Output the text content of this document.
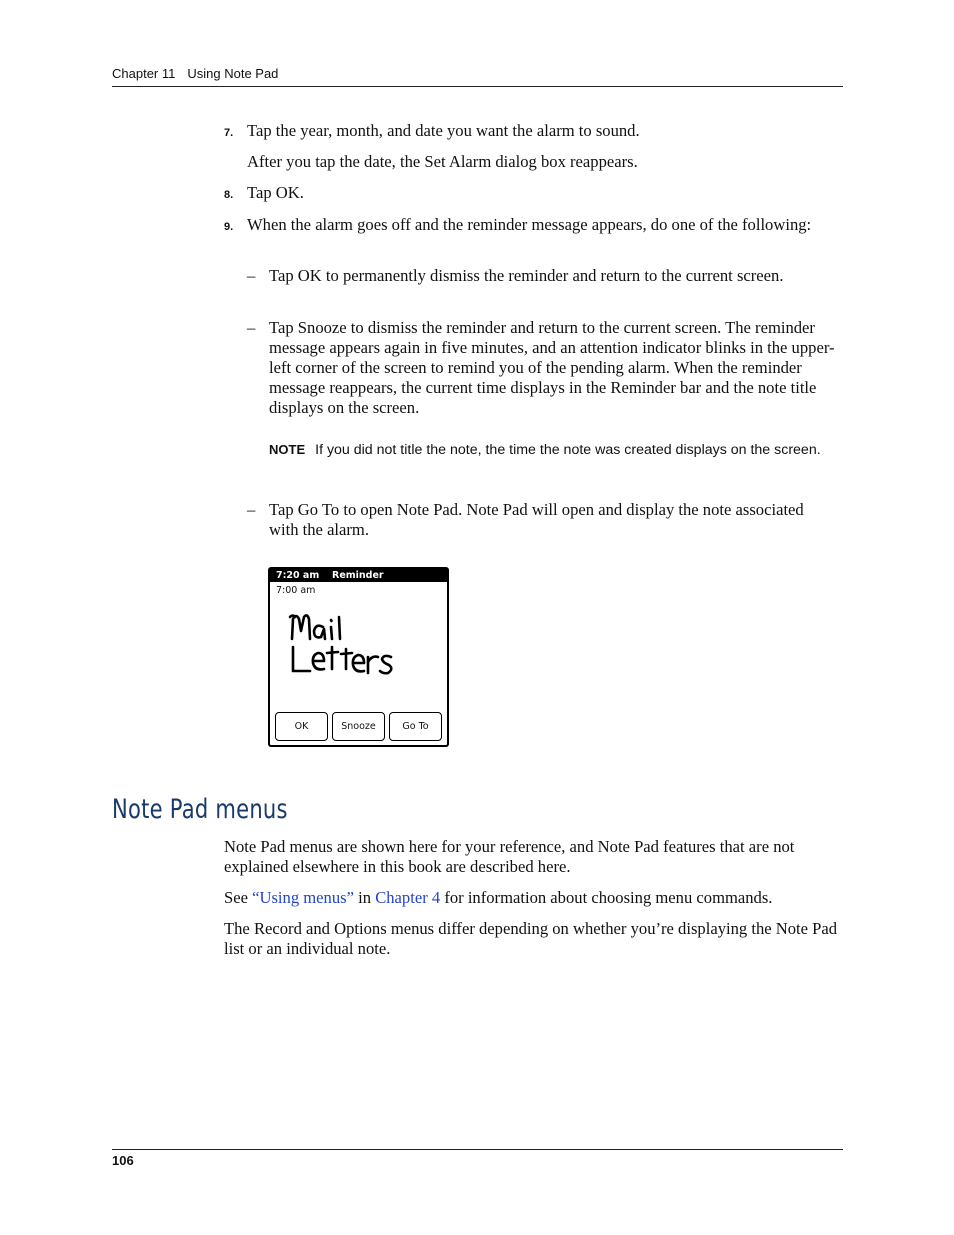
Chapter 11 Using Note Pad
7. Tap the year, month, and date you want the alarm to sound.
After you tap the date, the Set Alarm dialog box reappears.
8. Tap OK.
9. When the alarm goes off and the reminder message appears, do one of the following:
– Tap OK to permanently dismiss the reminder and return to the current screen.
– Tap Snooze to dismiss the reminder and return to the current screen. The reminder message appears again in five minutes, and an attention indicator blinks in the upper-left corner of the screen to remind you of the pending alarm. When the reminder message reappears, the current time displays in the Reminder bar and the note title displays on the screen.
NOTE If you did not title the note, the time the note was created displays on the screen.
– Tap Go To to open Note Pad. Note Pad will open and display the note associated with the alarm.
7:20 am Reminder
7:00 am
OK	Snooze	Go To
Note Pad menus
Note Pad menus are shown here for your reference, and Note Pad features that are not explained elsewhere in this book are described here.
See “Using menus” in Chapter 4 for information about choosing menu commands.
The Record and Options menus differ depending on whether you’re displaying the Note Pad list or an individual note.
106
